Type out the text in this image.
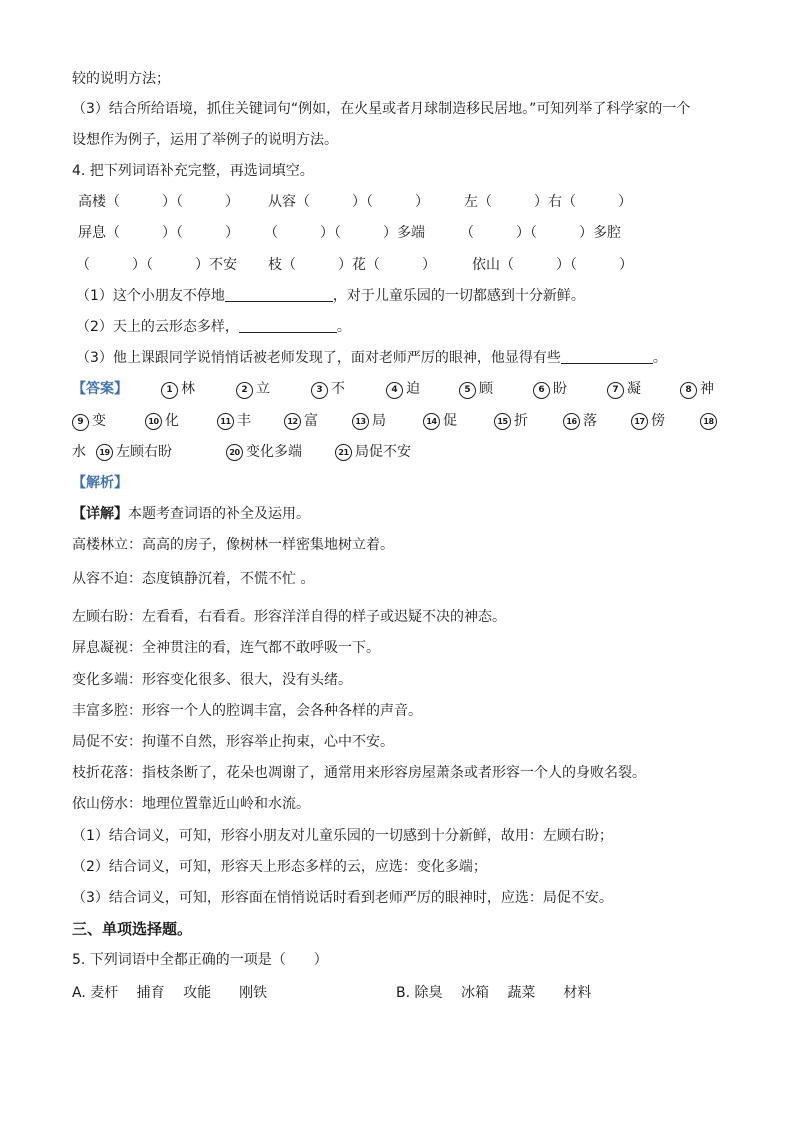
较的说明方法；
（3）结合所给语境，抓住关键词句“例如，在火星或者月球制造移民居地。”可知列举了科学家的一个
设想作为例子，运用了举例子的说明方法。
4. 把下列词语补充完整，再选词填空。
高楼（　　　）（　　　） 从容（　　　）（　　　）	左（　　　）右（　　　）
屏息（　　　）（　　　） （　　　）（　　　）多端	（　　　）（　　　）多腔
（　　　）（　　　）不安 枝（　　　）花（　　　）	依山（　　　）（　　　）
（1）这个小朋友不停地	，对于儿童乐园的一切都感到十分新鲜。
（2）天上的云形态多样，	。
（3）他上课跟同学说悄悄话被老师发现了，面对老师严厉的眼神，他显得有些	。
【答案】	1 林	2 立	3 不	4 迫	5 顾	6 盼	7 凝	8 神
9 变	10 化	11 丰	12 富	13 局	14 促	15 折	16 落	17 傍	18
水	19 左顾右盼	20 变化多端	21 局促不安
【解析】
【详解】本题考查词语的补全及运用。
高楼林立：高高的房子，像树林一样密集地树立着。
从容不迫：态度镇静沉着，不慌不忙 。
左顾右盼：左看看，右看看。形容洋洋自得的样子或迟疑不决的神态。
屏息凝视：全神贯注的看，连气都不敢呼吸一下。
变化多端：形容变化很多、很大，没有头绪。
丰富多腔：形容一个人的腔调丰富，会各种各样的声音。
局促不安：拘谨不自然，形容举止拘束，心中不安。
枝折花落：指枝条断了，花朵也凋谢了，通常用来形容房屋萧条或者形容一个人的身败名裂。
依山傍水：地理位置靠近山岭和水流。
（1）结合词义，可知，形容小朋友对儿童乐园的一切感到十分新鲜，故用：左顾右盼；
（2）结合词义，可知，形容天上形态多样的云，应选：变化多端；
（3）结合词义，可知，形容面在悄悄说话时看到老师严厉的眼神时，应选：局促不安。
三、单项选择题。
5. 下列词语中全都正确的一项是（　　）
A. 麦杆　 捕育　 攻能　　刚铁	B. 除臭　 冰箱　 蔬菜　　材料
